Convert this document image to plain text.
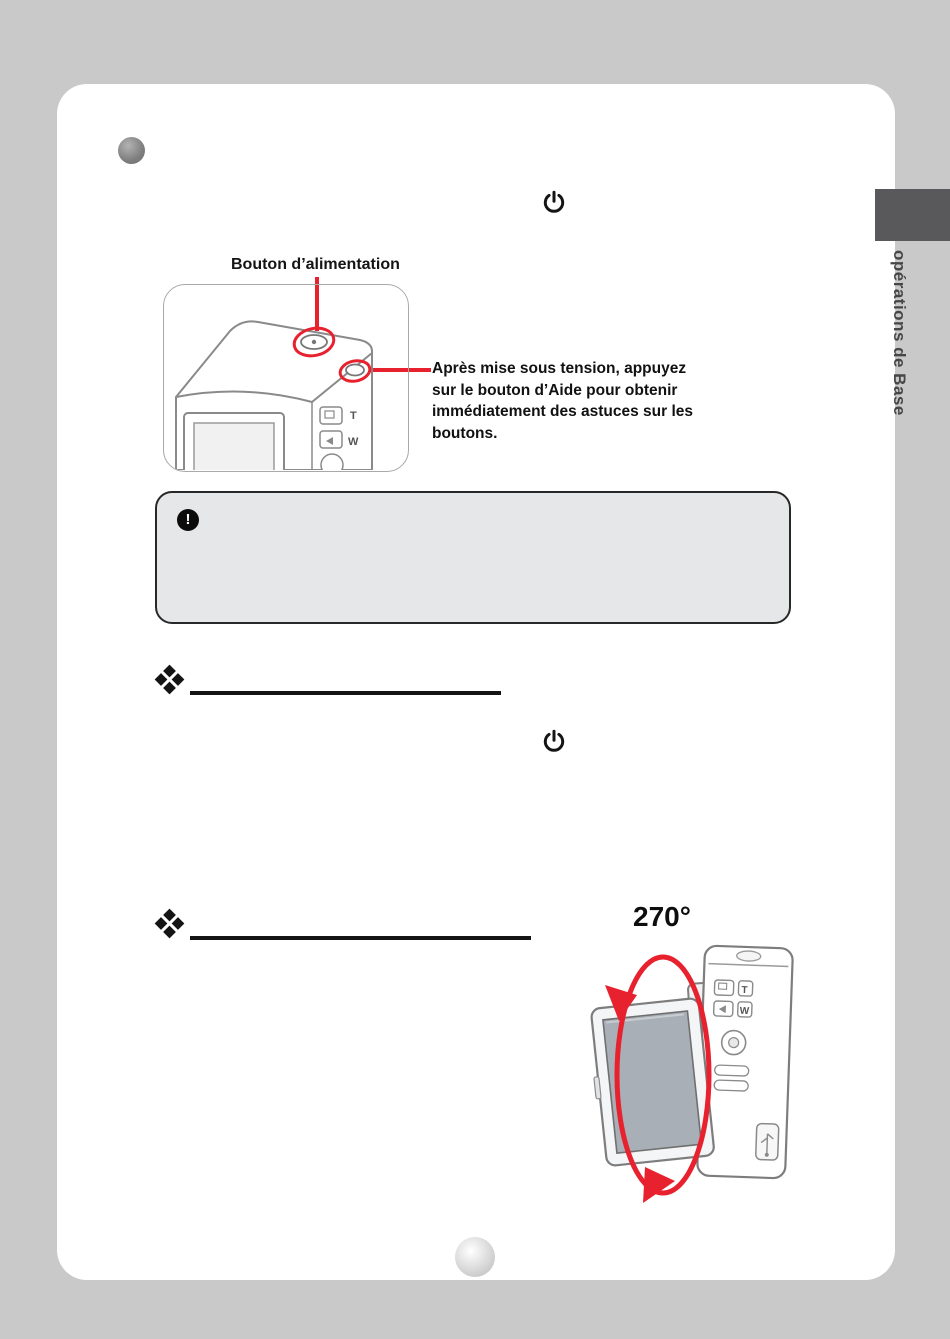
opérations de Base
Bouton d’alimentation
T
W
Après mise sous tension, appuyez
sur le bouton d’Aide pour obtenir
immédiatement des astuces sur les
boutons.
!
270°
T
W
